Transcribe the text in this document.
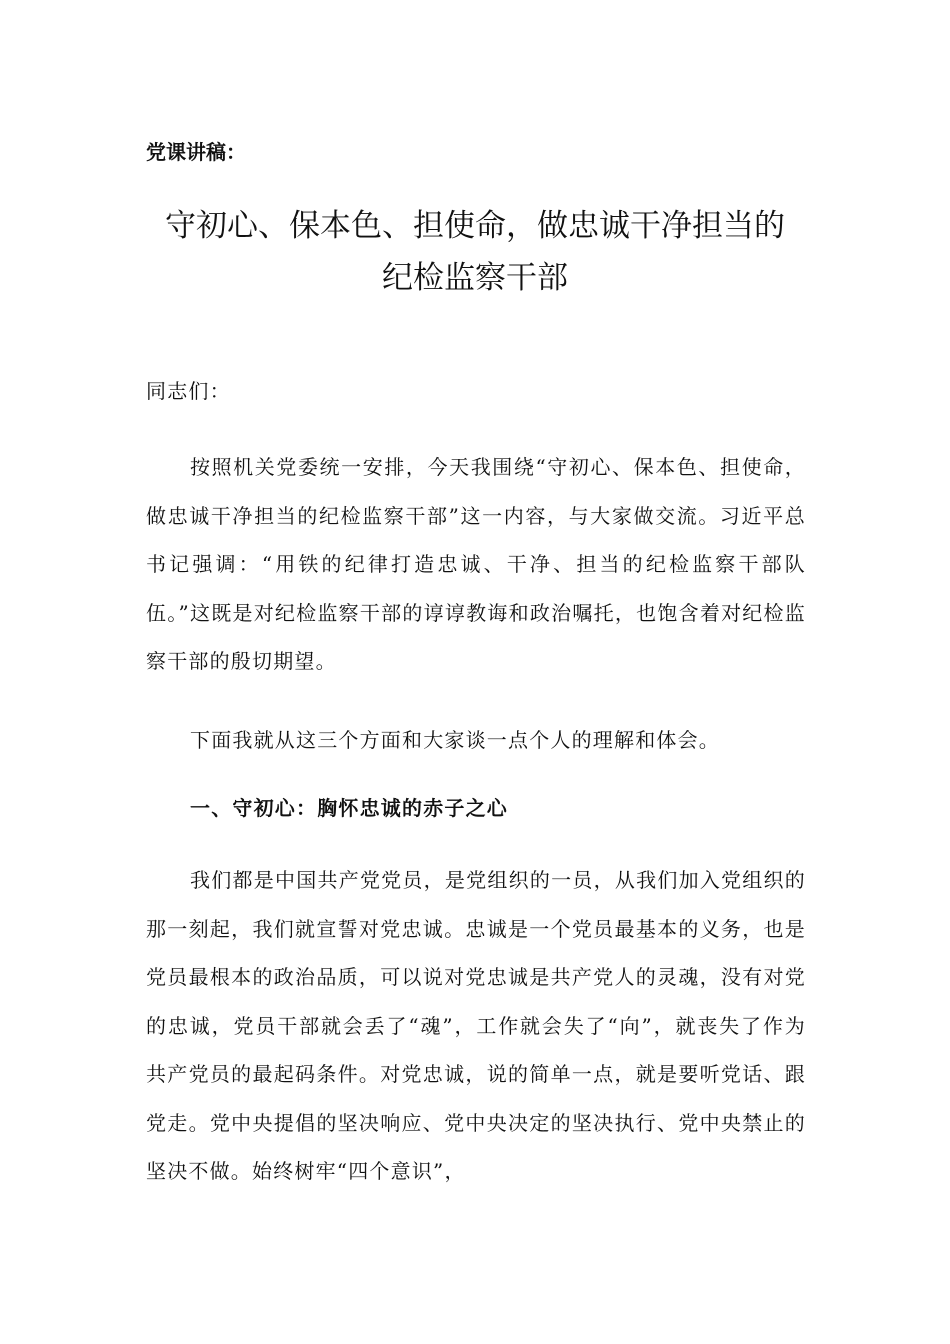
党课讲稿：

守初心、保本色、担使命，做忠诚干净担当的
纪检监察干部

同志们：

按照机关党委统一安排，今天我围绕“守初心、保本色、担使命，做忠诚干净担当的纪检监察干部”这一内容，与大家做交流。习近平总书记强调：“用铁的纪律打造忠诚、干净、担当的纪检监察干部队伍。”这既是对纪检监察干部的谆谆教诲和政治嘱托，也饱含着对纪检监察干部的殷切期望。

下面我就从这三个方面和大家谈一点个人的理解和体会。

一、守初心：胸怀忠诚的赤子之心

我们都是中国共产党党员，是党组织的一员，从我们加入党组织的那一刻起，我们就宣誓对党忠诚。忠诚是一个党员最基本的义务，也是党员最根本的政治品质，可以说对党忠诚是共产党人的灵魂，没有对党的忠诚，党员干部就会丢了“魂”，工作就会失了“向”，就丧失了作为共产党员的最起码条件。对党忠诚，说的简单一点，就是要听党话、跟党走。党中央提倡的坚决响应、党中央决定的坚决执行、党中央禁止的坚决不做。始终树牢“四个意识”，
